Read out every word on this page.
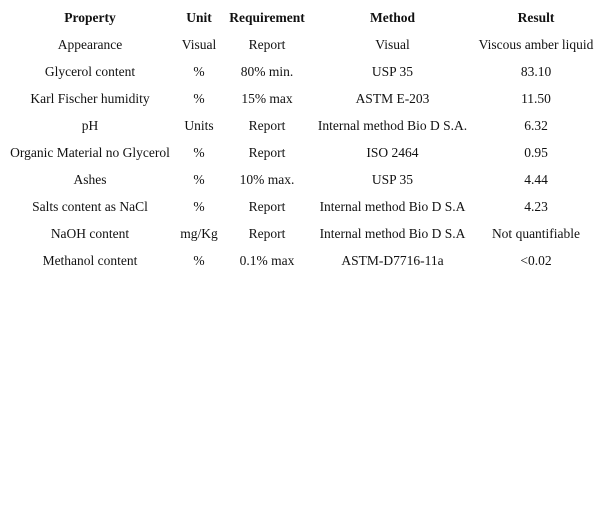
Property	Unit	Requirement	Method	Result
Appearance	Visual	Report	Visual	Viscous amber liquid
Glycerol content	%	80% min.	USP 35	83.10
Karl Fischer humidity	%	15% max	ASTM E-203	11.50
pH	Units	Report	Internal method Bio D S.A.	6.32
Organic Material no Glycerol	%	Report	ISO 2464	0.95
Ashes	%	10% max.	USP 35	4.44
Salts content as NaCl	%	Report	Internal method Bio D S.A	4.23
NaOH content	mg/Kg	Report	Internal method Bio D S.A	Not quantifiable
Methanol content	%	0.1% max	ASTM-D7716-11a	<0.02
